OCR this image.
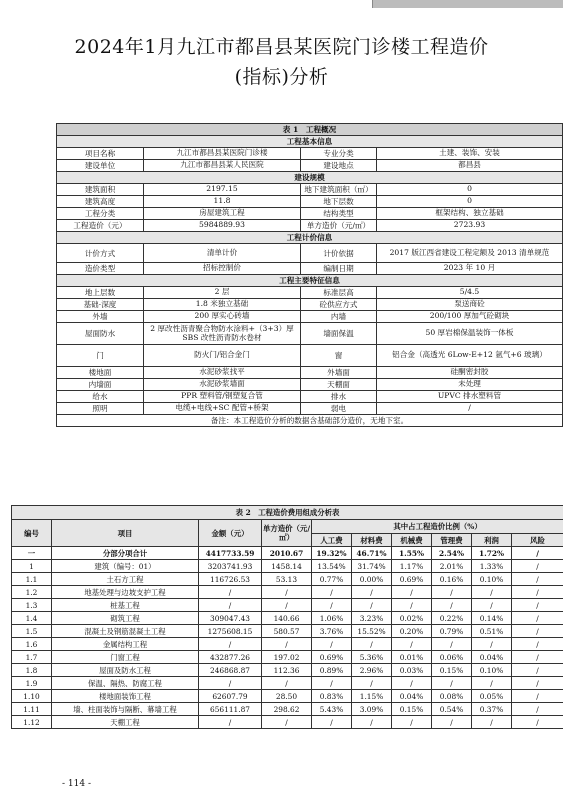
2024年1月九江市都昌县某医院门诊楼工程造价
(指标)分析
表 1　工程概况			
工程基本信息			
项目名称	九江市都昌县某医院门诊楼	专业分类	土建、装饰、安装
建设单位	九江市都昌县某人民医院	建设地点	都昌县
建设规模			
建筑面积	2197.15	地下建筑面积（㎡）	0
建筑高度	11.8	地下层数	0
工程分类	房屋建筑工程	结构类型	框架结构、独立基础
工程造价（元）	5984889.93	单方造价（元/㎡）	2723.93
工程计价信息			
计价方式	清单计价	计价依据	2017 版江西省建设工程定额及 2013 清单规范
造价类型	招标控制价	编制日期	2023 年 10 月
工程主要特征信息			
地上层数	2 层	标准层高	5/4.5
基础·深度	1.8 米独立基础	砼供应方式	泵送商砼
外墙	200 厚实心砖墙	内墙	200/100 厚加气砼砌块
屋面防水	2 厚改性沥青聚合物防水涂料+（3+3）厚 SBS 改性沥青防水卷材	墙面保温	50 厚岩棉保温装饰一体板
门	防火门/铝合金门	窗	铝合金（高透光 6Low-E+12 氩气+6 玻璃）
楼地面	水泥砂浆找平	外墙面	硅酮密封胶
内墙面	水泥砂浆墙面	天棚面	未处理
给水	PPR 塑料管/钢塑复合管	排水	UPVC 排水塑料管
照明	电缆+电线+SC 配管+桥架	弱电	/
备注：本工程造价分析的数据含基础部分造价，无地下室。			
表 2　工程造价费用组成分析表									
编号	项目	金额（元）	单方造价（元/㎡）	其中占工程造价比例（%）					
				人工费	材料费	机械费	管理费	利润	风险
一	分部分项合计	4417733.59	2010.67	19.32%	46.71%	1.55%	2.54%	1.72%	/
1	建筑（编号：01）	3203741.93	1458.14	13.54%	31.74%	1.17%	2.01%	1.33%	/
1.1	土石方工程	116726.53	53.13	0.77%	0.00%	0.69%	0.16%	0.10%	/
1.2	地基处理与边坡支护工程	/	/	/	/	/	/	/	/
1.3	桩基工程	/	/	/	/	/	/	/	/
1.4	砌筑工程	309047.43	140.66	1.06%	3.23%	0.02%	0.22%	0.14%	/
1.5	混凝土及钢筋混凝土工程	1275608.15	580.57	3.76%	15.52%	0.20%	0.79%	0.51%	/
1.6	金属结构工程	/	/	/	/	/	/	/	/
1.7	门窗工程	432877.26	197.02	0.69%	5.36%	0.01%	0.06%	0.04%	/
1.8	屋面及防水工程	246868.87	112.36	0.89%	2.96%	0.03%	0.15%	0.10%	/
1.9	保温、隔热、防腐工程	/	/	/	/	/	/	/	/
1.10	楼地面装饰工程	62607.79	28.50	0.83%	1.15%	0.04%	0.08%	0.05%	/
1.11	墙、柱面装饰与隔断、幕墙工程	656111.87	298.62	5.43%	3.09%	0.15%	0.54%	0.37%	/
1.12	天棚工程	/	/	/	/	/	/	/	/
- 114 -
